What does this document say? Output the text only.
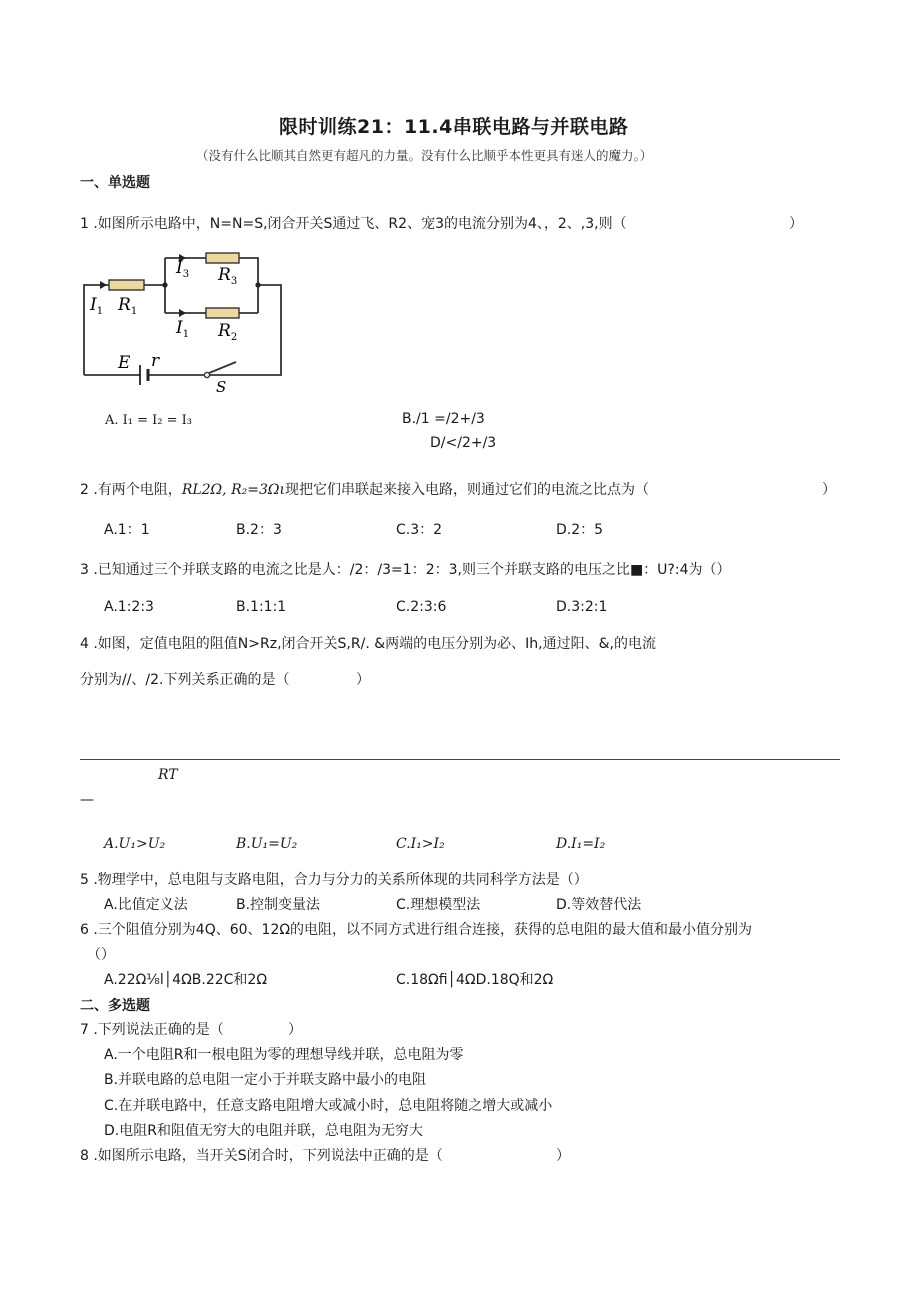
限时训练21：11.4串联电路与并联电路
（没有什么比顺其自然更有超凡的力量。没有什么比顺乎本性更具有迷人的魔力。）
一、单选题
1 .如图所示电路中，N=N=S,闭合开关S通过飞、R2、宠3的电流分别为4、，2、,3,则（	）
$I_1$ $R_1$
$I_3$ $R_3$
$I_1$ $R_2$
E r
S
A. I₁ = I₂ = I₃	B./1 =/2+/3
D/</2+/3
2 .有两个电阻，RL2Ω, R₂=3Ωι现把它们串联起来接入电路，则通过它们的电流之比点为（	）
A.1：1	B.2：3	C.3：2	D.2：5
3 .已知通过三个并联支路的电流之比是人：/2：/3=1：2：3,则三个并联支路的电压之比■：U?:4为（）
A.1:2:3	B.1:1:1	C.2:3:6	D.3:2:1
4 .如图，定值电阻的阻值N>Rz,闭合开关S,R/. &两端的电压分别为必、Ih,通过阳、&,的电流
分别为//、/2.下列关系正确的是（	）
RT
—
A.U₁>U₂	B.U₁=U₂	C.I₁>I₂	D.I₁=I₂
5 .物理学中，总电阻与支路电阻，合力与分力的关系所体现的共同科学方法是（）
A.比值定义法	B.控制变量法	C.理想模型法	D.等效替代法
6 .三个阻值分别为4Q、60、12Ω的电阻，以不同方式进行组合连接，获得的总电阻的最大值和最小值分别为
（）
A.22Ω⅛l│4ΩB.22C和2Ω	C.18Ωfi│4ΩD.18Q和2Ω
二、多选题
7 .下列说法正确的是（	）
A.一个电阻R和一根电阻为零的理想导线并联，总电阻为零
B.并联电路的总电阻一定小于并联支路中最小的电阻
C.在并联电路中，任意支路电阻增大或减小时，总电阻将随之增大或减小
D.电阻R和阻值无穷大的电阻并联，总电阻为无穷大
8 .如图所示电路，当开关S闭合时，下列说法中正确的是（	）
